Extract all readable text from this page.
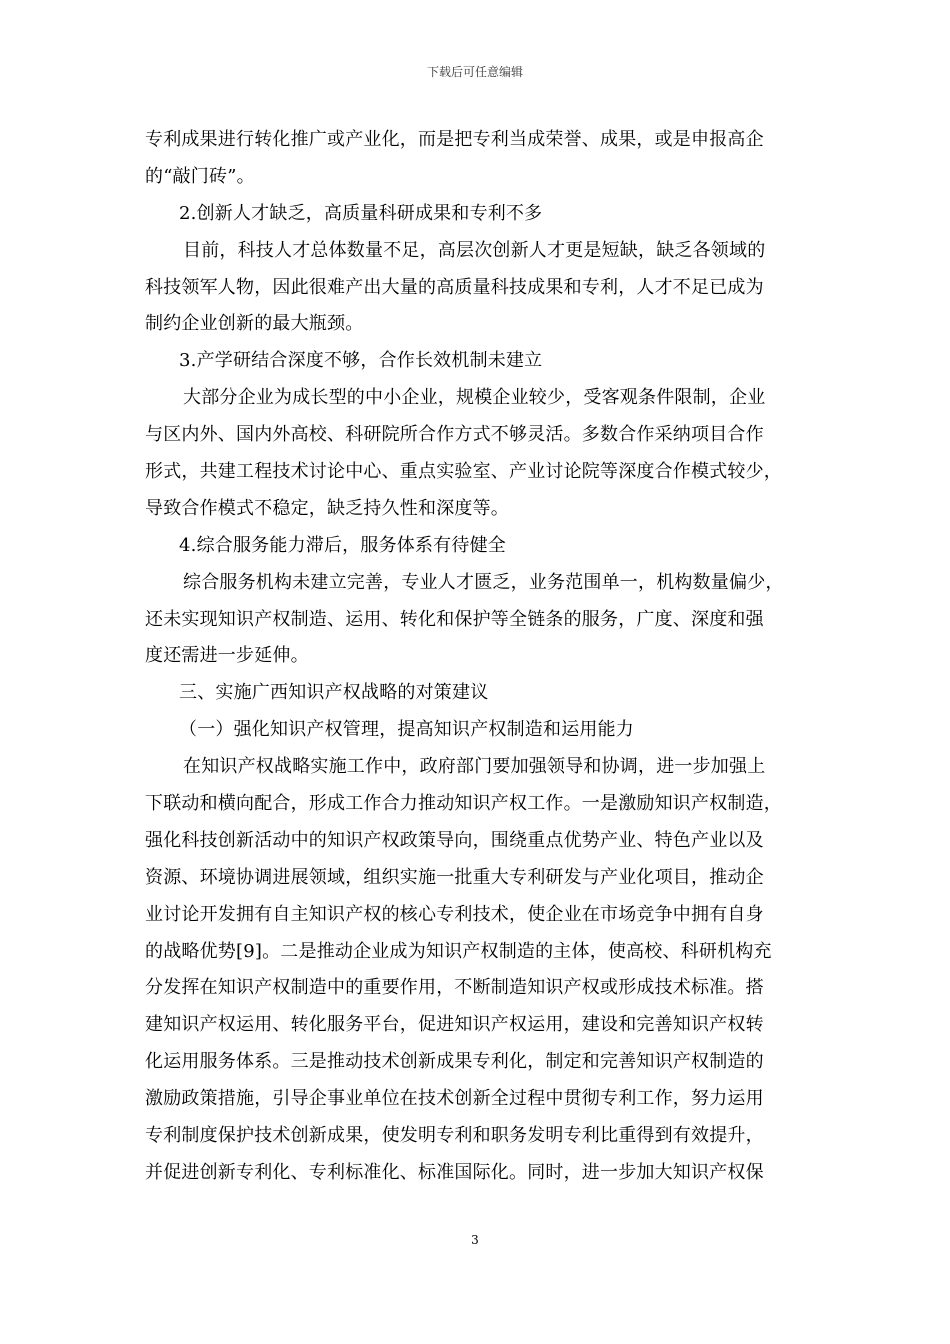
下载后可任意编辑
专利成果进行转化推广或产业化，而是把专利当成荣誉、成果，或是申报高企
的“敲门砖”。
2.创新人才缺乏，高质量科研成果和专利不多
目前，科技人才总体数量不足，高层次创新人才更是短缺，缺乏各领域的
科技领军人物，因此很难产出大量的高质量科技成果和专利，人才不足已成为
制约企业创新的最大瓶颈。
3.产学研结合深度不够，合作长效机制未建立
大部分企业为成长型的中小企业，规模企业较少，受客观条件限制，企业
与区内外、国内外高校、科研院所合作方式不够灵活。多数合作采纳项目合作
形式，共建工程技术讨论中心、重点实验室、产业讨论院等深度合作模式较少，
导致合作模式不稳定，缺乏持久性和深度等。
4.综合服务能力滞后，服务体系有待健全
综合服务机构未建立完善，专业人才匮乏，业务范围单一，机构数量偏少，
还未实现知识产权制造、运用、转化和保护等全链条的服务，广度、深度和强
度还需进一步延伸。
三、实施广西知识产权战略的对策建议
（一）强化知识产权管理，提高知识产权制造和运用能力
在知识产权战略实施工作中，政府部门要加强领导和协调，进一步加强上
下联动和横向配合，形成工作合力推动知识产权工作。一是激励知识产权制造，
强化科技创新活动中的知识产权政策导向，围绕重点优势产业、特色产业以及
资源、环境协调进展领域，组织实施一批重大专利研发与产业化项目，推动企
业讨论开发拥有自主知识产权的核心专利技术，使企业在市场竞争中拥有自身
的战略优势[9]。二是推动企业成为知识产权制造的主体，使高校、科研机构充
分发挥在知识产权制造中的重要作用，不断制造知识产权或形成技术标准。搭
建知识产权运用、转化服务平台，促进知识产权运用，建设和完善知识产权转
化运用服务体系。三是推动技术创新成果专利化，制定和完善知识产权制造的
激励政策措施，引导企事业单位在技术创新全过程中贯彻专利工作，努力运用
专利制度保护技术创新成果，使发明专利和职务发明专利比重得到有效提升，
并促进创新专利化、专利标准化、标准国际化。同时，进一步加大知识产权保
3
